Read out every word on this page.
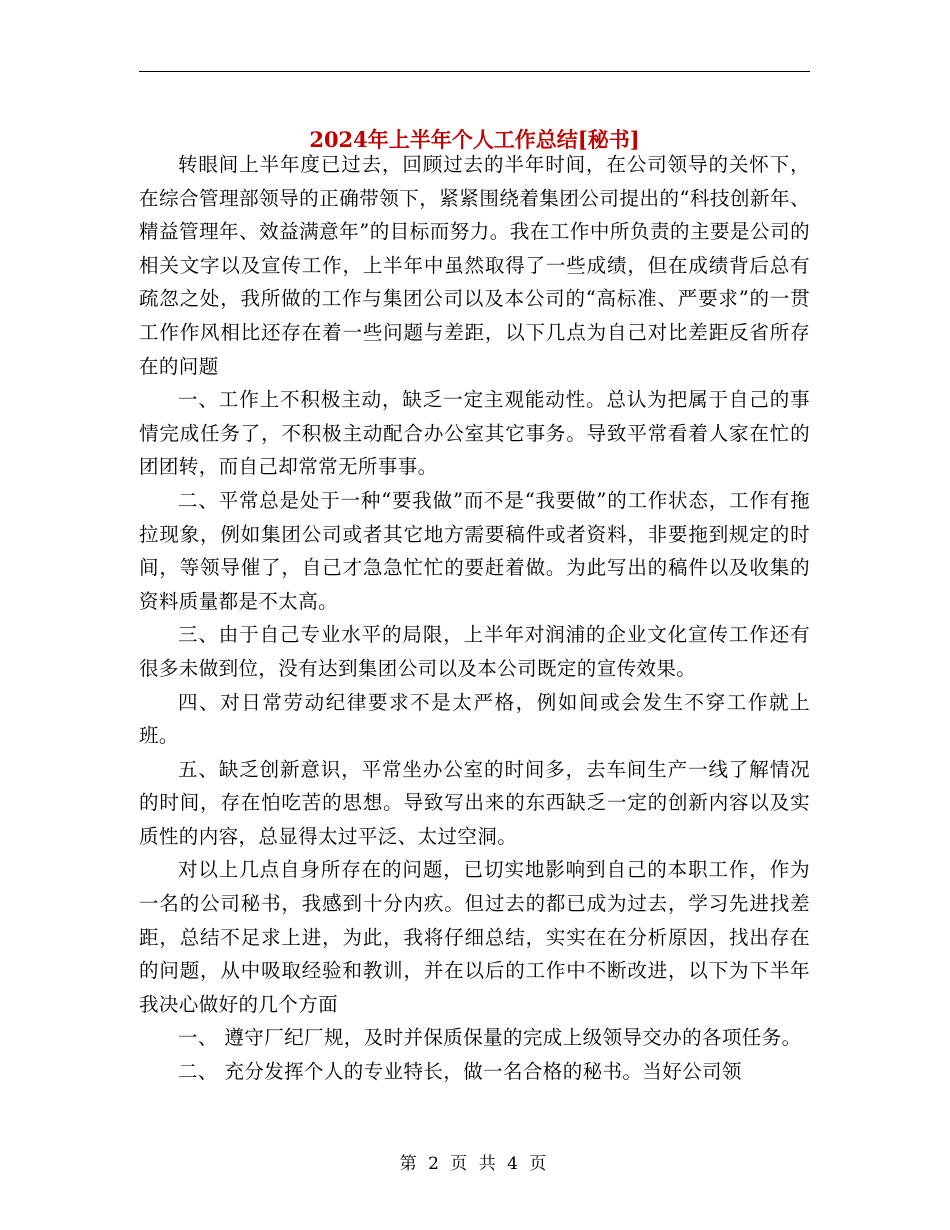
2024年上半年个人工作总结[秘书]

转眼间上半年度已过去，回顾过去的半年时间，在公司领导的关怀下，在综合管理部领导的正确带领下，紧紧围绕着集团公司提出的“科技创新年、精益管理年、效益满意年”的目标而努力。我在工作中所负责的主要是公司的相关文字以及宣传工作，上半年中虽然取得了一些成绩，但在成绩背后总有疏忽之处，我所做的工作与集团公司以及本公司的“高标准、严要求”的一贯工作作风相比还存在着一些问题与差距，以下几点为自己对比差距反省所存在的问题

一、工作上不积极主动，缺乏一定主观能动性。总认为把属于自己的事情完成任务了，不积极主动配合办公室其它事务。导致平常看着人家在忙的团团转，而自己却常常无所事事。

二、平常总是处于一种“要我做”而不是“我要做”的工作状态，工作有拖拉现象，例如集团公司或者其它地方需要稿件或者资料，非要拖到规定的时间，等领导催了，自己才急急忙忙的要赶着做。为此写出的稿件以及收集的资料质量都是不太高。

三、由于自己专业水平的局限，上半年对润浦的企业文化宣传工作还有很多未做到位，没有达到集团公司以及本公司既定的宣传效果。

四、对日常劳动纪律要求不是太严格，例如间或会发生不穿工作就上班。

五、缺乏创新意识，平常坐办公室的时间多，去车间生产一线了解情况的时间，存在怕吃苦的思想。导致写出来的东西缺乏一定的创新内容以及实质性的内容，总显得太过平泛、太过空洞。

对以上几点自身所存在的问题，已切实地影响到自己的本职工作，作为一名的公司秘书，我感到十分内疚。但过去的都已成为过去，学习先进找差距，总结不足求上进，为此，我将仔细总结，实实在在分析原因，找出存在的问题，从中吸取经验和教训，并在以后的工作中不断改进，以下为下半年我决心做好的几个方面

一、 遵守厂纪厂规，及时并保质保量的完成上级领导交办的各项任务。

二、 充分发挥个人的专业特长，做一名合格的秘书。当好公司领

第 2 页 共 4 页
